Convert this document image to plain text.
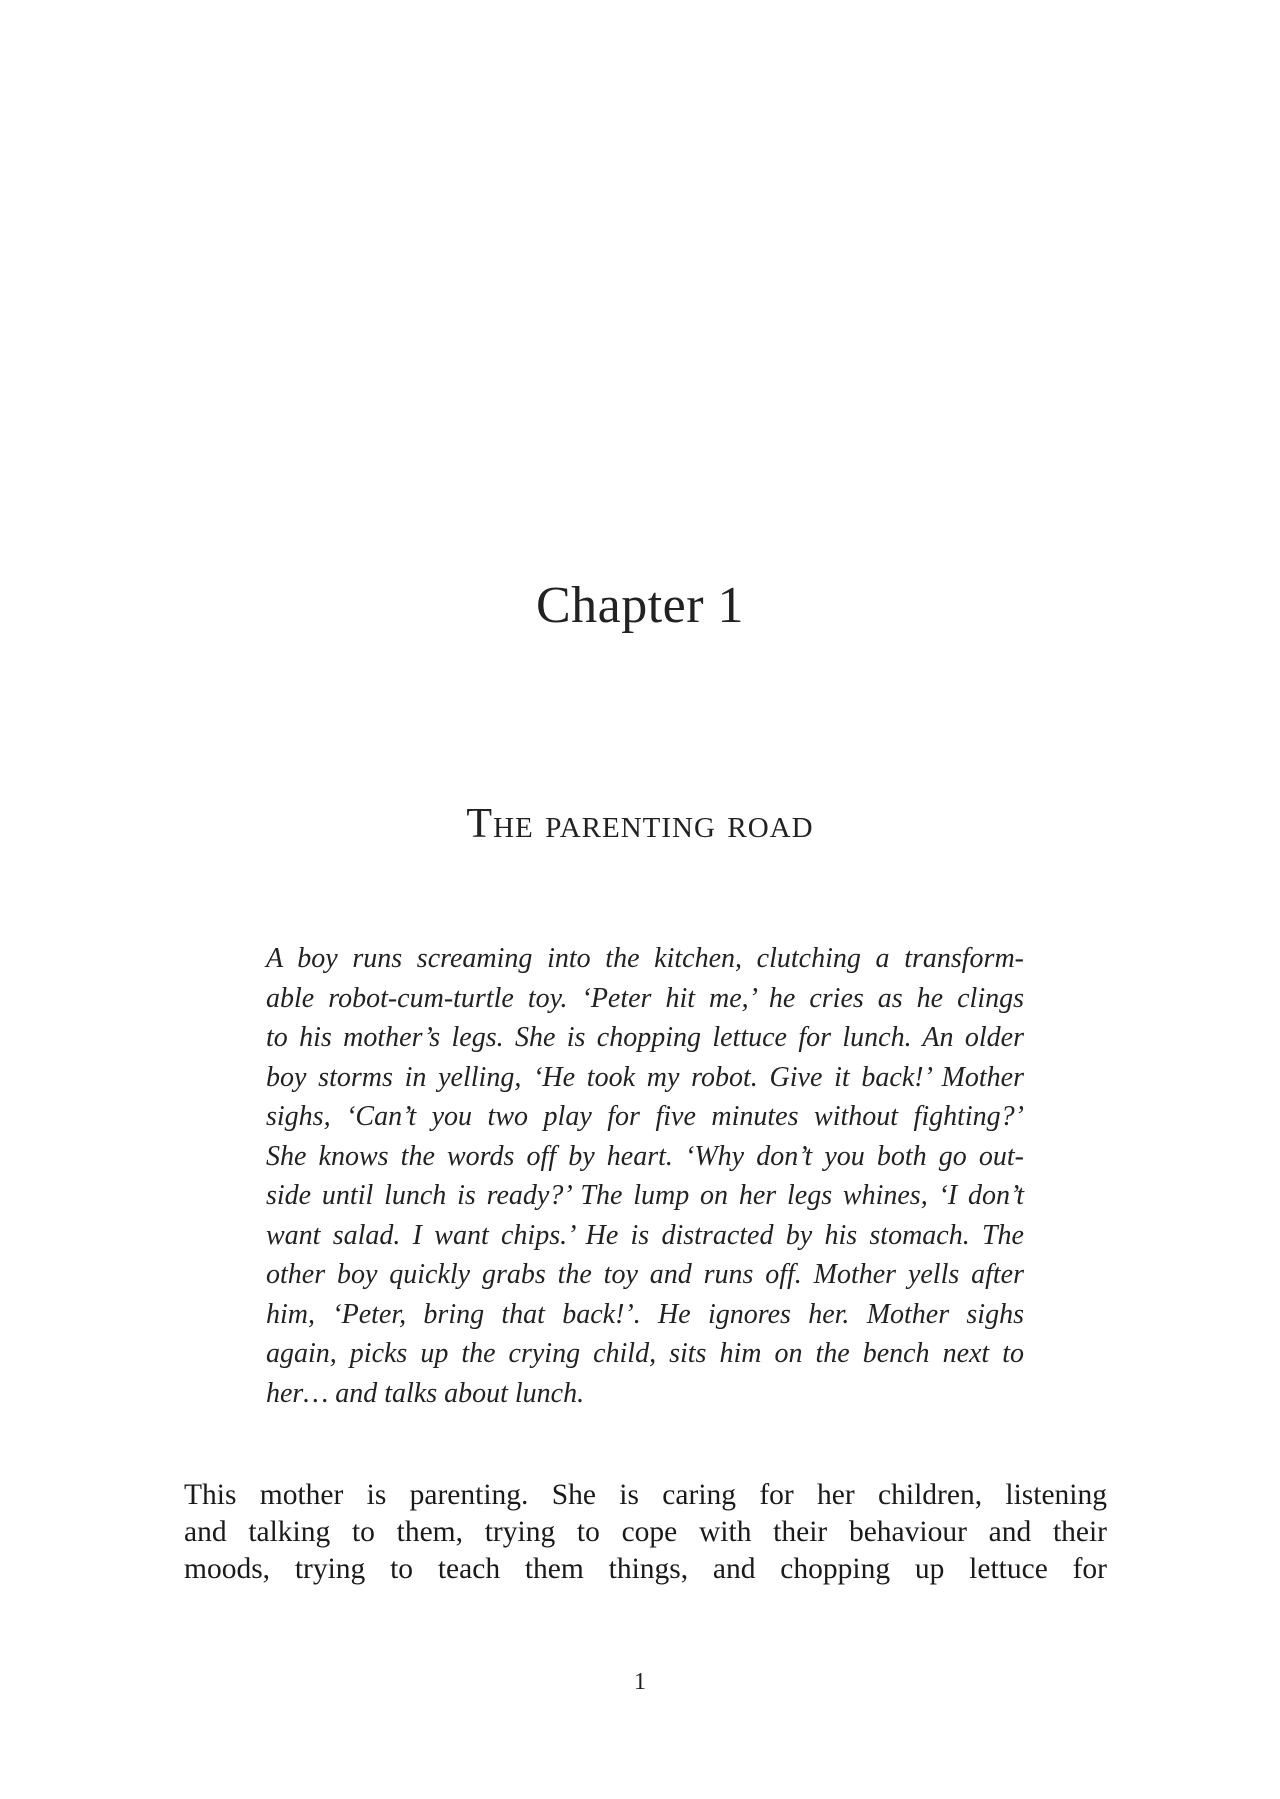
Chapter 1
The parenting road
A boy runs screaming into the kitchen, clutching a transform-
able robot-cum-turtle toy. ‘Peter hit me,’ he cries as he clings
to his mother’s legs. She is chopping lettuce for lunch. An older
boy storms in yelling, ‘He took my robot. Give it back!’ Mother
sighs, ‘Can’t you two play for five minutes without fighting?’
She knows the words off by heart. ‘Why don’t you both go out-
side until lunch is ready?’ The lump on her legs whines, ‘I don’t
want salad. I want chips.’ He is distracted by his stomach. The
other boy quickly grabs the toy and runs off. Mother yells after
him, ‘Peter, bring that back!’. He ignores her. Mother sighs
again, picks up the crying child, sits him on the bench next to
her… and talks about lunch.
This mother is parenting. She is caring for her children, listening
and talking to them, trying to cope with their behaviour and their
moods, trying to teach them things, and chopping up lettuce for
1
